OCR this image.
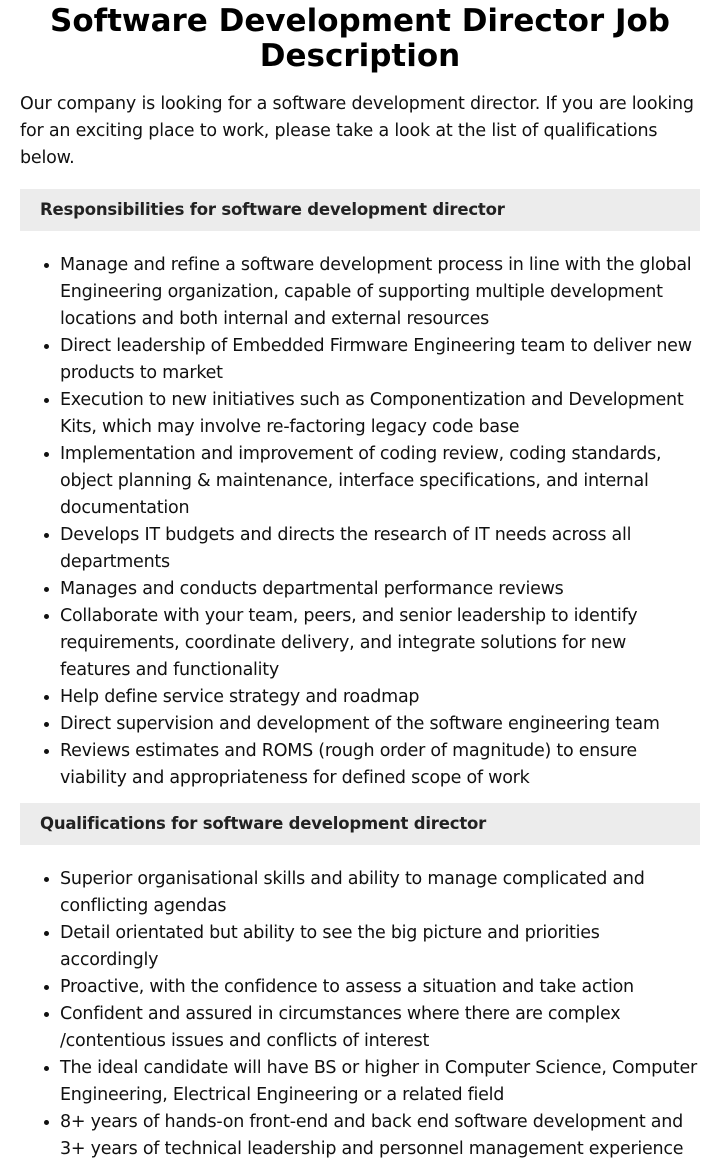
Software Development Director Job Description

Our company is looking for a software development director. If you are looking for an exciting place to work, please take a look at the list of qualifications below.

Responsibilities for software development director
• Manage and refine a software development process in line with the global Engineering organization, capable of supporting multiple development locations and both internal and external resources
• Direct leadership of Embedded Firmware Engineering team to deliver new products to market
• Execution to new initiatives such as Componentization and Development Kits, which may involve re-factoring legacy code base
• Implementation and improvement of coding review, coding standards, object planning & maintenance, interface specifications, and internal documentation
• Develops IT budgets and directs the research of IT needs across all departments
• Manages and conducts departmental performance reviews
• Collaborate with your team, peers, and senior leadership to identify requirements, coordinate delivery, and integrate solutions for new features and functionality
• Help define service strategy and roadmap
• Direct supervision and development of the software engineering team
• Reviews estimates and ROMS (rough order of magnitude) to ensure viability and appropriateness for defined scope of work
Qualifications for software development director
• Superior organisational skills and ability to manage complicated and conflicting agendas
• Detail orientated but ability to see the big picture and priorities accordingly
• Proactive, with the confidence to assess a situation and take action
• Confident and assured in circumstances where there are complex /contentious issues and conflicts of interest
• The ideal candidate will have BS or higher in Computer Science, Computer Engineering, Electrical Engineering or a related field
• 8+ years of hands-on front-end and back end software development and 3+ years of technical leadership and personnel management experience
